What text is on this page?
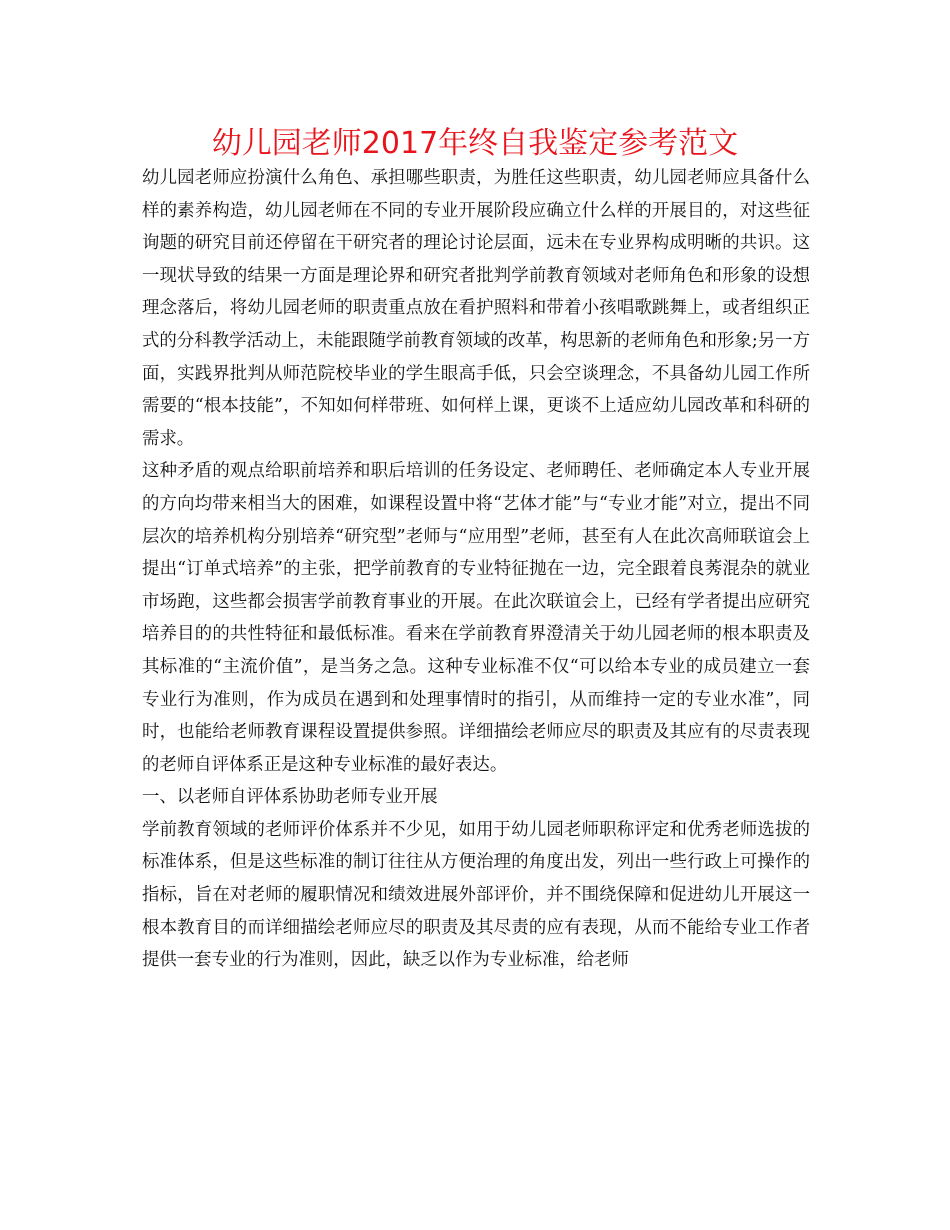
幼儿园老师2017年终自我鉴定参考范文

幼儿园老师应扮演什么角色、承担哪些职责，为胜任这些职责，幼儿园老师应具备什么样的素养构造，幼儿园老师在不同的专业开展阶段应确立什么样的开展目的，对这些征询题的研究目前还停留在干研究者的理论讨论层面，远未在专业界构成明晰的共识。这一现状导致的结果一方面是理论界和研究者批判学前教育领域对老师角色和形象的设想理念落后，将幼儿园老师的职责重点放在看护照料和带着小孩唱歌跳舞上，或者组织正式的分科教学活动上，未能跟随学前教育领域的改革，构思新的老师角色和形象;另一方面，实践界批判从师范院校毕业的学生眼高手低，只会空谈理念，不具备幼儿园工作所需要的“根本技能”，不知如何样带班、如何样上课，更谈不上适应幼儿园改革和科研的需求。

这种矛盾的观点给职前培养和职后培训的任务设定、老师聘任、老师确定本人专业开展的方向均带来相当大的困难，如课程设置中将“艺体才能”与“专业才能”对立，提出不同层次的培养机构分别培养“研究型”老师与“应用型”老师，甚至有人在此次高师联谊会上提出“订单式培养”的主张，把学前教育的专业特征抛在一边，完全跟着良莠混杂的就业市场跑，这些都会损害学前教育事业的开展。在此次联谊会上，已经有学者提出应研究培养目的的共性特征和最低标准。看来在学前教育界澄清关于幼儿园老师的根本职责及其标准的“主流价值”，是当务之急。这种专业标准不仅“可以给本专业的成员建立一套专业行为准则，作为成员在遇到和处理事情时的指引，从而维持一定的专业水准”，同时，也能给老师教育课程设置提供参照。详细描绘老师应尽的职责及其应有的尽责表现的老师自评体系正是这种专业标准的最好表达。

一、以老师自评体系协助老师专业开展

学前教育领域的老师评价体系并不少见，如用于幼儿园老师职称评定和优秀老师选拔的标准体系，但是这些标准的制订往往从方便治理的角度出发，列出一些行政上可操作的指标，旨在对老师的履职情况和绩效进展外部评价，并不围绕保障和促进幼儿开展这一根本教育目的而详细描绘老师应尽的职责及其尽责的应有表现，从而不能给专业工作者提供一套专业的行为准则，因此，缺乏以作为专业标准，给老师
